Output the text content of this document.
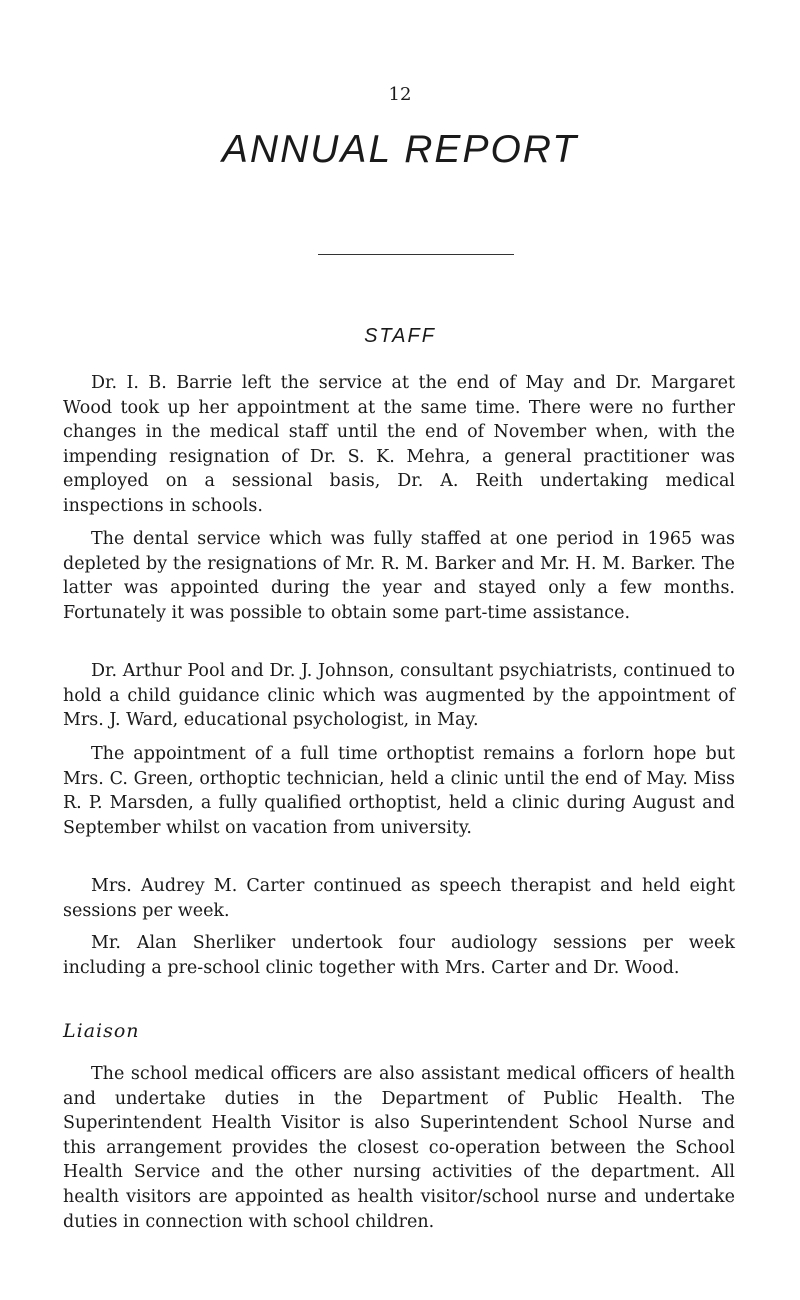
12
ANNUAL REPORT
STAFF

Dr. I. B. Barrie left the service at the end of May and Dr. Margaret Wood took up her appointment at the same time. There were no further changes in the medical staff until the end of November when, with the impending resignation of Dr. S. K. Mehra, a general practitioner was employed on a sessional basis, Dr. A. Reith undertaking medical inspections in schools.

The dental service which was fully staffed at one period in 1965 was depleted by the resignations of Mr. R. M. Barker and Mr. H. M. Barker. The latter was appointed during the year and stayed only a few months. Fortunately it was possible to obtain some part-time assistance.

Dr. Arthur Pool and Dr. J. Johnson, consultant psychiatrists, continued to hold a child guidance clinic which was augmented by the appointment of Mrs. J. Ward, educational psychologist, in May.

The appointment of a full time orthoptist remains a forlorn hope but Mrs. C. Green, orthoptic technician, held a clinic until the end of May. Miss R. P. Marsden, a fully qualified orthoptist, held a clinic during August and September whilst on vacation from university.

Mrs. Audrey M. Carter continued as speech therapist and held eight sessions per week.

Mr. Alan Sherliker undertook four audiology sessions per week including a pre-school clinic together with Mrs. Carter and Dr. Wood.

Liaison

The school medical officers are also assistant medical officers of health and undertake duties in the Department of Public Health. The Superintendent Health Visitor is also Superintendent School Nurse and this arrangement provides the closest co-operation between the School Health Service and the other nursing activities of the department. All health visitors are appointed as health visitor/school nurse and undertake duties in connection with school children.
